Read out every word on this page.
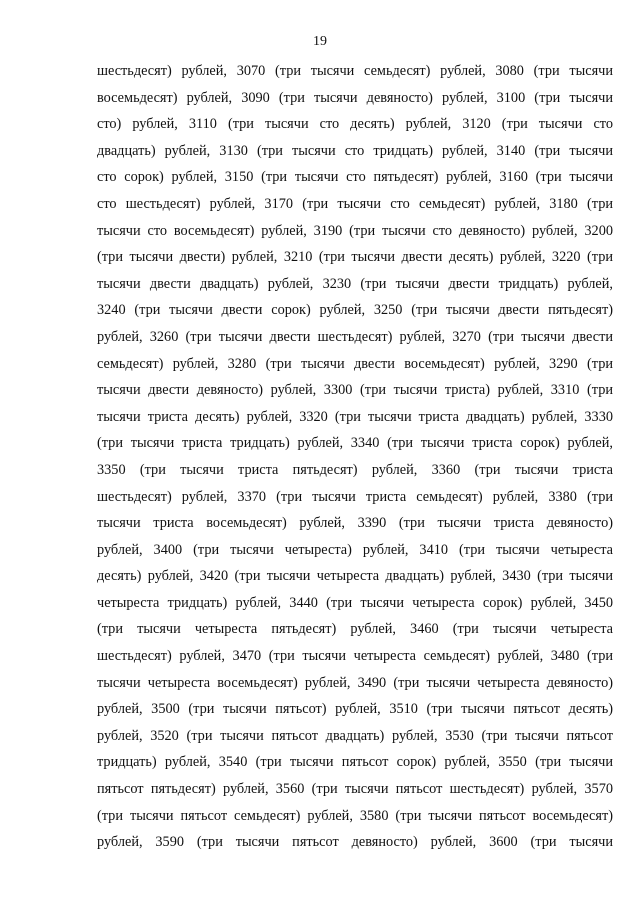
19
шестьдесят) рублей, 3070 (три тысячи семьдесят) рублей, 3080 (три тысячи
восемьдесят) рублей, 3090 (три тысячи девяносто) рублей, 3100 (три тысячи
сто) рублей, 3110 (три тысячи сто десять) рублей, 3120 (три тысячи сто
двадцать) рублей, 3130 (три тысячи сто тридцать) рублей, 3140 (три тысячи
сто сорок) рублей, 3150 (три тысячи сто пятьдесят) рублей, 3160 (три тысячи
сто шестьдесят) рублей, 3170 (три тысячи сто семьдесят) рублей, 3180 (три
тысячи сто восемьдесят) рублей, 3190 (три тысячи сто девяносто) рублей, 3200
(три тысячи двести) рублей, 3210 (три тысячи двести десять) рублей, 3220 (три
тысячи двести двадцать) рублей, 3230 (три тысячи двести тридцать) рублей,
3240 (три тысячи двести сорок) рублей, 3250 (три тысячи двести пятьдесят)
рублей, 3260 (три тысячи двести шестьдесят) рублей, 3270 (три тысячи двести
семьдесят) рублей, 3280 (три тысячи двести восемьдесят) рублей, 3290 (три
тысячи двести девяносто) рублей, 3300 (три тысячи триста) рублей, 3310 (три
тысячи триста десять) рублей, 3320 (три тысячи триста двадцать) рублей, 3330
(три тысячи триста тридцать) рублей, 3340 (три тысячи триста сорок) рублей,
3350 (три тысячи триста пятьдесят) рублей, 3360 (три тысячи триста
шестьдесят) рублей, 3370 (три тысячи триста семьдесят) рублей, 3380 (три
тысячи триста восемьдесят) рублей, 3390 (три тысячи триста девяносто)
рублей, 3400 (три тысячи четыреста) рублей, 3410 (три тысячи четыреста
десять) рублей, 3420 (три тысячи четыреста двадцать) рублей, 3430 (три тысячи
четыреста тридцать) рублей, 3440 (три тысячи четыреста сорок) рублей, 3450
(три тысячи четыреста пятьдесят) рублей, 3460 (три тысячи четыреста
шестьдесят) рублей, 3470 (три тысячи четыреста семьдесят) рублей, 3480 (три
тысячи четыреста восемьдесят) рублей, 3490 (три тысячи четыреста девяносто)
рублей, 3500 (три тысячи пятьсот) рублей, 3510 (три тысячи пятьсот десять)
рублей, 3520 (три тысячи пятьсот двадцать) рублей, 3530 (три тысячи пятьсот
тридцать) рублей, 3540 (три тысячи пятьсот сорок) рублей, 3550 (три тысячи
пятьсот пятьдесят) рублей, 3560 (три тысячи пятьсот шестьдесят) рублей, 3570
(три тысячи пятьсот семьдесят) рублей, 3580 (три тысячи пятьсот восемьдесят)
рублей, 3590 (три тысячи пятьсот девяносто) рублей, 3600 (три тысячи
